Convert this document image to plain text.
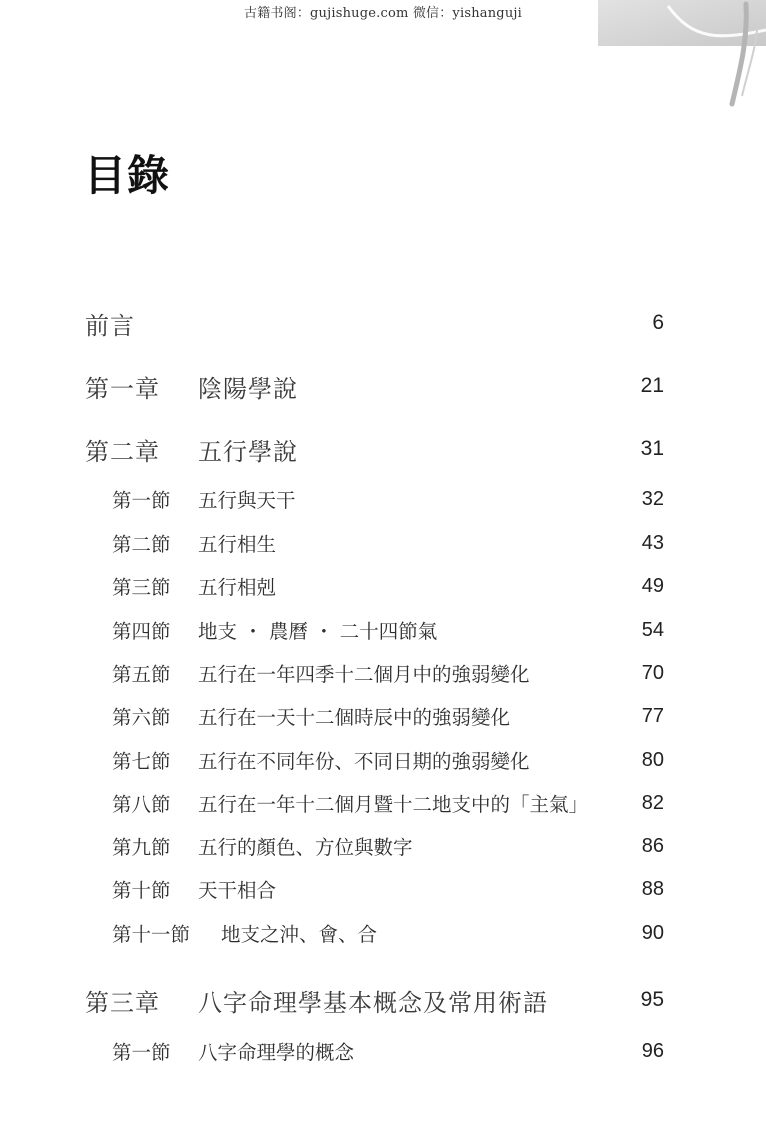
古籍书阁：gujishuge.com 微信：yishanguji
目錄
前言	6
第一章 陰陽學說	21
第二章 五行學說	31
第一節 五行與天干	32
第二節 五行相生	43
第三節 五行相剋	49
第四節 地支 ・ 農曆 ・ 二十四節氣	54
第五節 五行在一年四季十二個月中的強弱變化	70
第六節 五行在一天十二個時辰中的強弱變化	77
第七節 五行在不同年份、不同日期的強弱變化	80
第八節 五行在一年十二個月暨十二地支中的「主氣」	82
第九節 五行的顏色、方位與數字	86
第十節 天干相合	88
第十一節 地支之沖、會、合	90
第三章 八字命理學基本概念及常用術語	95
第一節 八字命理學的概念	96
